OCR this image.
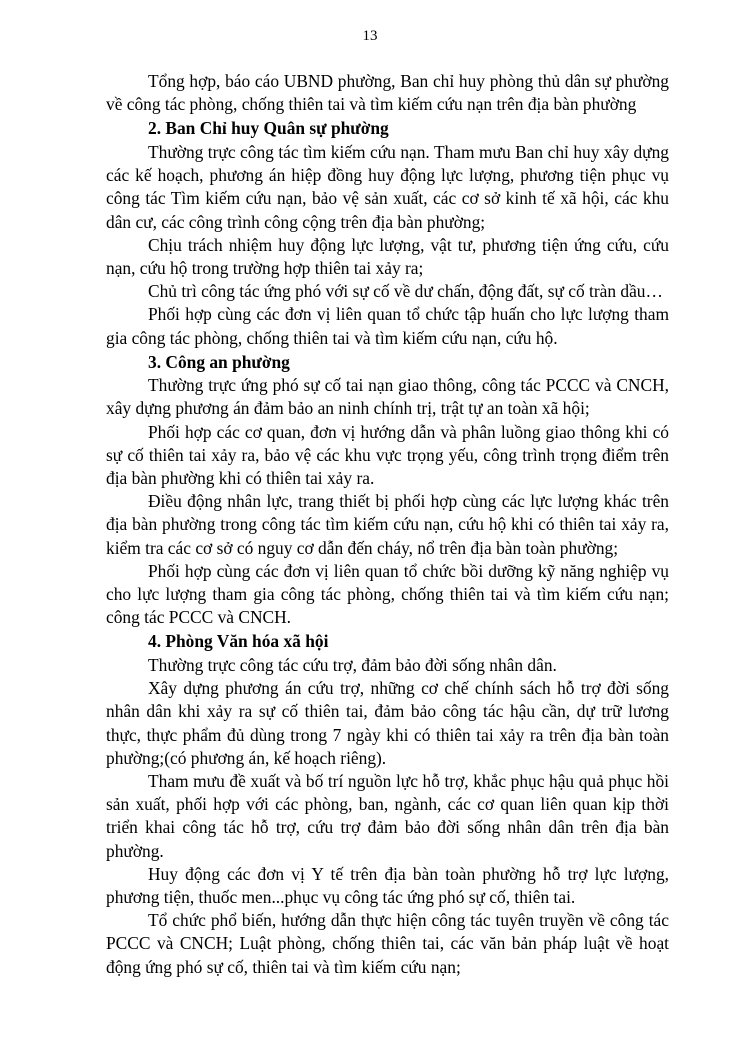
13

Tổng hợp, báo cáo UBND phường, Ban chỉ huy phòng thủ dân sự phường về công tác phòng, chống thiên tai và tìm kiếm cứu nạn trên địa bàn phường

2. Ban Chỉ huy Quân sự phường

Thường trực công tác tìm kiếm cứu nạn. Tham mưu Ban chỉ huy xây dựng các kế hoạch, phương án hiệp đồng huy động lực lượng, phương tiện phục vụ công tác Tìm kiếm cứu nạn, bảo vệ sản xuất, các cơ sở kinh tế xã hội, các khu dân cư, các công trình công cộng trên địa bàn phường;

Chịu trách nhiệm huy động lực lượng, vật tư, phương tiện ứng cứu, cứu nạn, cứu hộ trong trường hợp thiên tai xảy ra;

Chủ trì công tác ứng phó với sự cố về dư chấn, động đất, sự cố tràn dầu…

Phối hợp cùng các đơn vị liên quan tổ chức tập huấn cho lực lượng tham gia công tác phòng, chống thiên tai và tìm kiếm cứu nạn, cứu hộ.

3. Công an phường

Thường trực ứng phó sự cố tai nạn giao thông, công tác PCCC và CNCH, xây dựng phương án đảm bảo an ninh chính trị, trật tự an toàn xã hội;

Phối hợp các cơ quan, đơn vị hướng dẫn và phân luồng giao thông khi có sự cố thiên tai xảy ra, bảo vệ các khu vực trọng yếu, công trình trọng điểm trên địa bàn phường khi có thiên tai xảy ra.

Điều động nhân lực, trang thiết bị phối hợp cùng các lực lượng khác trên địa bàn phường trong công tác tìm kiếm cứu nạn, cứu hộ khi có thiên tai xảy ra, kiểm tra các cơ sở có nguy cơ dẫn đến cháy, nổ trên địa bàn toàn phường;

Phối hợp cùng các đơn vị liên quan tổ chức bồi dưỡng kỹ năng nghiệp vụ cho lực lượng tham gia công tác phòng, chống thiên tai và tìm kiếm cứu nạn; công tác PCCC và CNCH.

4. Phòng Văn hóa xã hội

Thường trực công tác cứu trợ, đảm bảo đời sống nhân dân.

Xây dựng phương án cứu trợ, những cơ chế chính sách hỗ trợ đời sống nhân dân khi xảy ra sự cố thiên tai, đảm bảo công tác hậu cần, dự trữ lương thực, thực phẩm đủ dùng trong 7 ngày khi có thiên tai xảy ra trên địa bàn toàn phường;(có phương án, kế hoạch riêng).

Tham mưu đề xuất và bố trí nguồn lực hỗ trợ, khắc phục hậu quả phục hồi sản xuất, phối hợp với các phòng, ban, ngành, các cơ quan liên quan kịp thời triển khai công tác hỗ trợ, cứu trợ đảm bảo đời sống nhân dân trên địa bàn phường.

Huy động các đơn vị Y tế trên địa bàn toàn phường hỗ trợ lực lượng, phương tiện, thuốc men...phục vụ công tác ứng phó sự cố, thiên tai.

Tổ chức phổ biến, hướng dẫn thực hiện công tác tuyên truyền về công tác PCCC và CNCH; Luật phòng, chống thiên tai, các văn bản pháp luật về hoạt động ứng phó sự cố, thiên tai và tìm kiếm cứu nạn;
